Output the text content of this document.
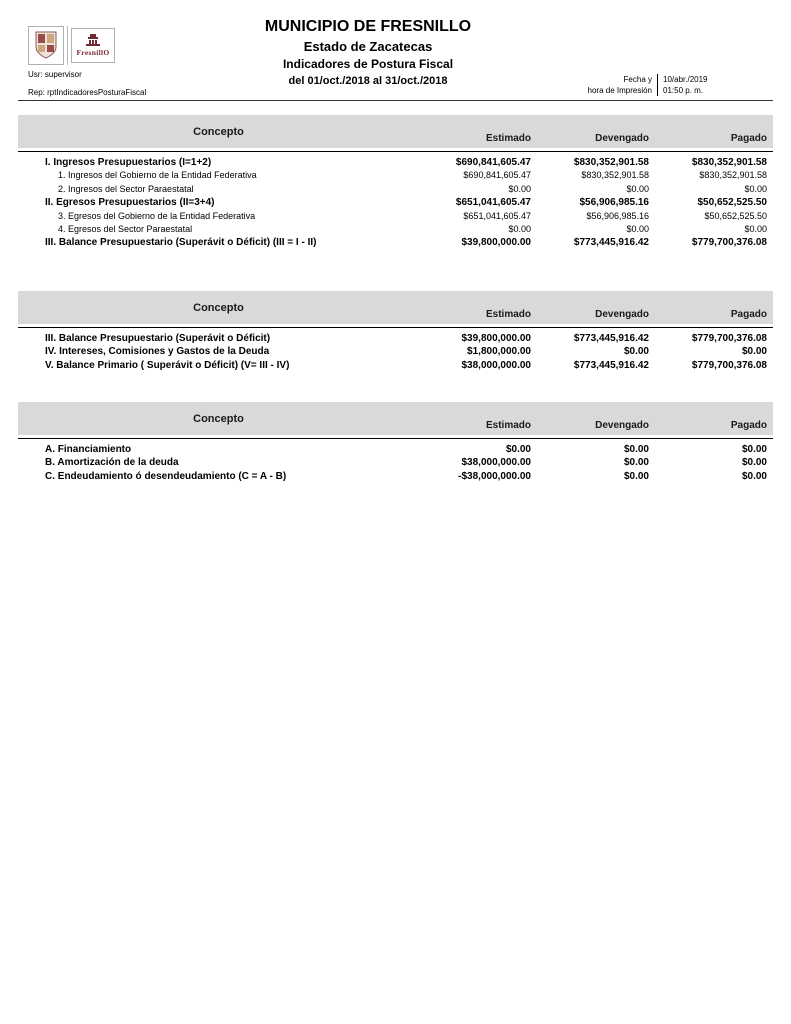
FresnillO
MUNICIPIO DE FRESNILLO
Estado de Zacatecas
Indicadores de Postura Fiscal
del 01/oct./2018 al 31/oct./2018
Usr: supervisor
Rep: rptIndicadoresPosturaFiscal
Fecha y
hora de Impresión
10/abr./2019
01:50 p. m.
Concepto
Estimado	Devengado	Pagado
I. Ingresos Presupuestarios (I=1+2)	$690,841,605.47	$830,352,901.58	$830,352,901.58
1. Ingresos del Gobierno de la Entidad Federativa	$690,841,605.47	$830,352,901.58	$830,352,901.58
2. Ingresos del Sector Paraestatal	$0.00	$0.00	$0.00
II. Egresos Presupuestarios (II=3+4)	$651,041,605.47	$56,906,985.16	$50,652,525.50
3. Egresos del Gobierno de la Entidad Federativa	$651,041,605.47	$56,906,985.16	$50,652,525.50
4. Egresos del Sector Paraestatal	$0.00	$0.00	$0.00
III. Balance Presupuestario (Superávit o Déficit) (III = I - II)	$39,800,000.00	$773,445,916.42	$779,700,376.08
Concepto
Estimado	Devengado	Pagado
III. Balance Presupuestario (Superávit o Déficit)	$39,800,000.00	$773,445,916.42	$779,700,376.08
IV. Intereses, Comisiones y Gastos de la Deuda	$1,800,000.00	$0.00	$0.00
V. Balance Primario ( Superávit o Déficit) (V= III - IV)	$38,000,000.00	$773,445,916.42	$779,700,376.08
Concepto
Estimado	Devengado	Pagado
A. Financiamiento	$0.00	$0.00	$0.00
B. Amortización de la deuda	$38,000,000.00	$0.00	$0.00
C. Endeudamiento ó desendeudamiento (C = A - B)	-$38,000,000.00	$0.00	$0.00
